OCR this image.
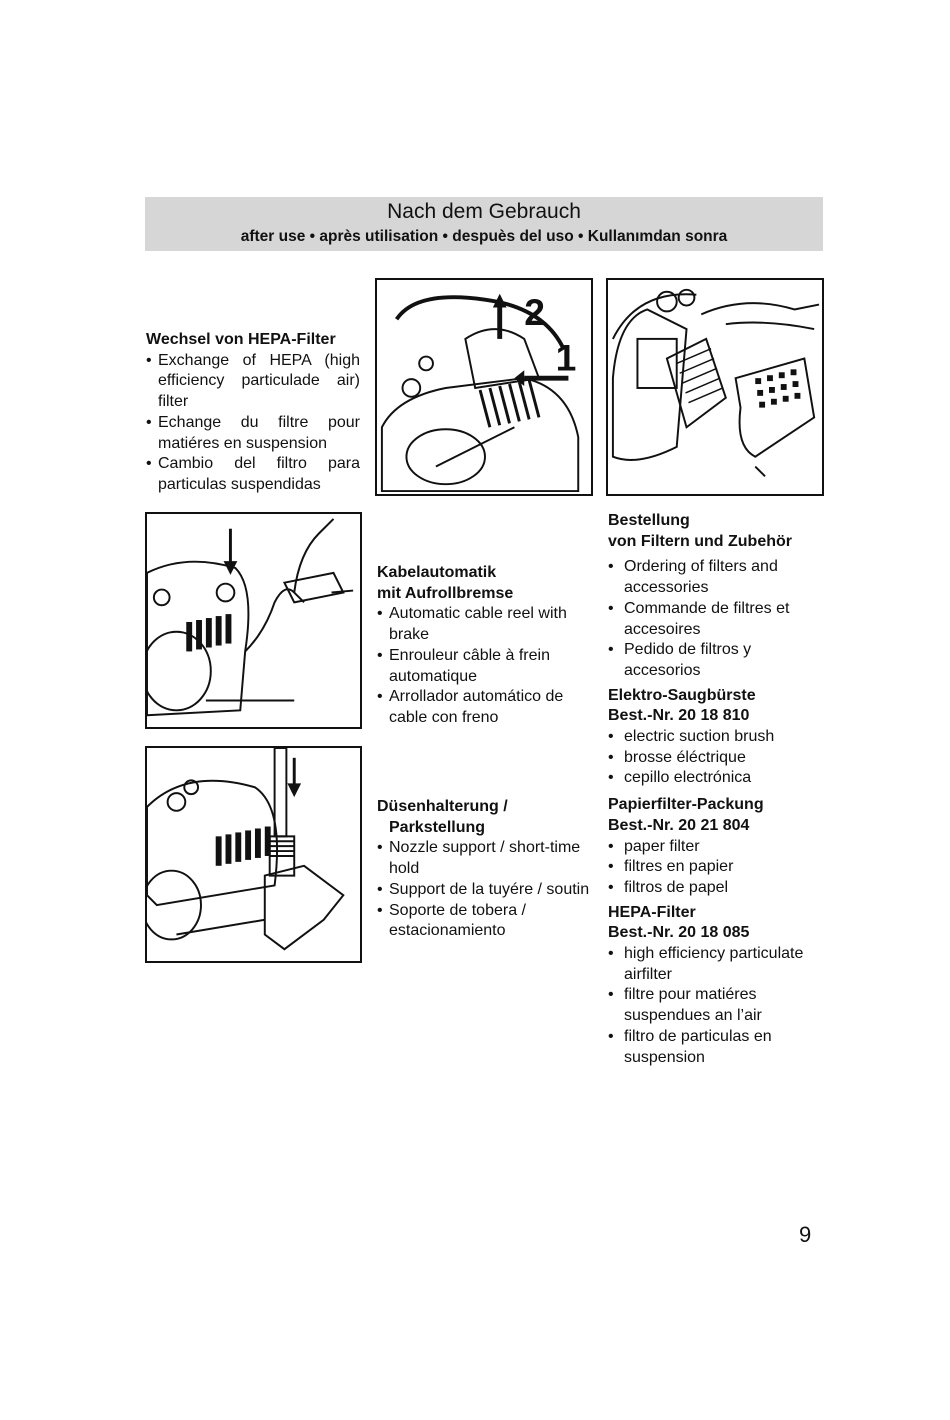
Nach dem Gebrauch
after use • après utilisation • despuès del uso • Kullanımdan sonra
Wechsel von HEPA-Filter
• Exchange of HEPA (high efficiency particulade air) filter
• Echange du filtre pour matiéres en suspension
• Cambio del filtro para particulas suspendidas
2
1
Kabelautomatik
mit Aufrollbremse
• Automatic cable reel with brake
• Enrouleur câble à frein automatique
• Arrollador automático de cable con freno
Düsenhalterung /
Parkstellung
• Nozzle support / short-time hold
• Support de la tuyére / soutin
• Soporte de tobera / estacionamiento
Bestellung
von Filtern und Zubehör
• Ordering of filters and accessories
• Commande de filtres et accesoires
• Pedido de filtros y accesorios
Elektro-Saugbürste
Best.-Nr. 20 18 810
• electric suction brush
• brosse éléctrique
• cepillo electrónica
Papierfilter-Packung
Best.-Nr. 20 21 804
• paper filter
• filtres en papier
• filtros de papel
HEPA-Filter
Best.-Nr. 20 18 085
• high efficiency particulate airfilter
• filtre pour matiéres suspendues an l’air
• filtro de particulas en suspension
9
